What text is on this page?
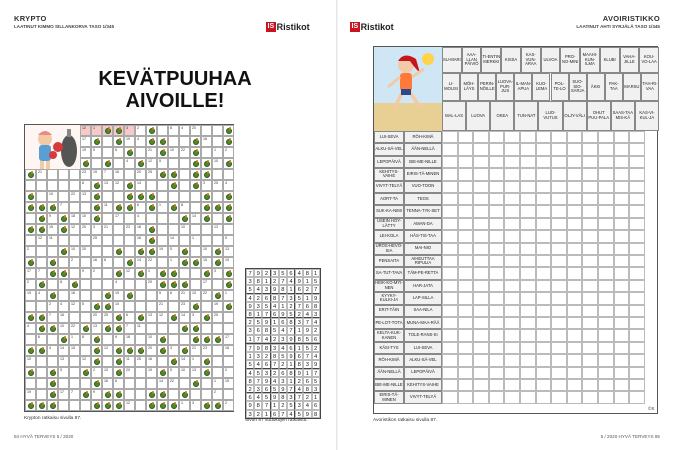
KRYPTO
LAATINUT KIMMO SILLANKORVA TASO 1/345	IS Ristikot
KEVÄTPUUHAA
AIVOILLE!
12 1	3	2	8	4	20
17	19 4	16
19 5	6	21	10 22	1	2
4	12 5	10
21	23 19 7	16	20 25
6	13 12	14	3	25 4
10	22 13
7	11	6	1	8
9	18 10	17	4	14
15	12 20 3	21	23 18	10	13
12 11	25	16	14	1	5
2	10 20	19 5	10	13
2	16 6	14 22	1	15	19
17 7	9	2	12	1	3
2	8	4	20	17
19 4	16	19	5	6	21 10 22	1
2	4	12 5	10	21	23	19
7	16	20 25	6	13 12	14 3	25
4	10 22	13	7	11
6	1	8	9	18	10	17
4	14 15	12	20	3	21 23	18
10	13	12	11 25 16	14 1
5	2	10	20	19	5	10 13	2
16 6	14 22	1	15
19	17 7	9	2
12	1	3	2
Krypton ratkaisu sivulla 87.
7 9 2 3 5 6 4 8 1
3 8 1 2 7 4 9 1 5
5 4 3 9 8 1 6 2 7
4 2 6 8 7 3 5 1 9
9 3 5 4 1 2 7 6 8
8 1 7 6 9 5 2 4 3
2 5 9 1 6 8 3 7 4
3 6 8 5 4 7 1 9 2
1 7 4 2 3 9 8 5 6
7 9 8 3 4 6 1 5 2
1 3 2 8 5 9 6 7 4
5 4 6 7 2 1 8 3 9
4 5 3 2 6 8 9 1 7
8 7 9 4 3 1 2 6 5
2 3 6 5 9 7 4 8 3
6 4 5 9 8 3 7 2 1
9 8 7 1 2 5 3 4 6
3 2 1 6 7 4 5 9 8
Sivun 87 sudokujen ratkaisut.
84 HYVÄ TERVEYS 5 / 2020
IS Ristikot
AVOIRISTIKKO
LAATINUT AHTI SYRJÄLÄ TASO 1/345
SU-MARI
AAA-LLAN PÄIVIÖ
TI-ENTIN MERKKI	KISSA
KAS-VUN-ARAA
ULVOA	PRO-NO-MINI
MAAHI-KUN-ILMA
KLUBI	VAHA-JILLE
KOU-VO-LAA
LI-MOUSI
MÖH-LÄYS
PERIN-NÖILLE
LUOVA-PUR-JUS
IL-MAN-APUA
KUO-LEMA
POL-TE-LO
SUO-SIO-SARJA
ÄKKI	PAK-TAA	MARSU TAH-RI-VAA
MAL-LAS	LUOVA	OKEA	TUN-NAT	LUO-VUTUS	OLJY-VÄLI	OHUT PUU-PALA
SAAS-TAA MIS-KÄ
KAS-VI-KUL-JA
LUI-SEVA	RÖH-KIMÄ
ALKU-SÄ-VEL	ÄÄN-NELLÄ
LEPOPÄIVÄ	BIE-ME-NILLE
KEHITYS-VAIHE	EIRIS-TÄ-MINEN
VIVYT-TELYÄ	VUO-TOON
AORT-TA	TEOS
SUK-KA-NIMI	TENNA-TYK-SET
USEIN HÖY-LÄTTY	AMAN-DA
LEI-KOLA	HÄS-TIS-TAA
UROS-HEVO-SIA	MAI-NIO
PENSAITA	AIHEUTTAA RIPULIA
SA-TUT-TAVA	TÄM-PE-RETTA
HEIK-KO-MYI-NEN	HAR-JATA
KYYKY-KULKI-JA	LAP-SILLA
ERIT-TÄIN	SAA-NILA
PE-LOT-TOTA MUNA-MAA-RÄÄ
KELTA-KUK-KANEN	TOLE-RANS-SI
KÄSI-TYS	LUI-SEVA
RÖH-KIMÄ	ALKU-SÄ-VEL
ÄÄN-NELLÄ	LEPOPÄIVÄ
BIE-ME-NILLE	KEHITYS-VAIHE
EIRIS-TÄ-MINEN	VIVYT-TELYÄ
Avoristikon ratkaisu sivulla 87.
©S
5 / 2020 HYVÄ TERVEYS 85
